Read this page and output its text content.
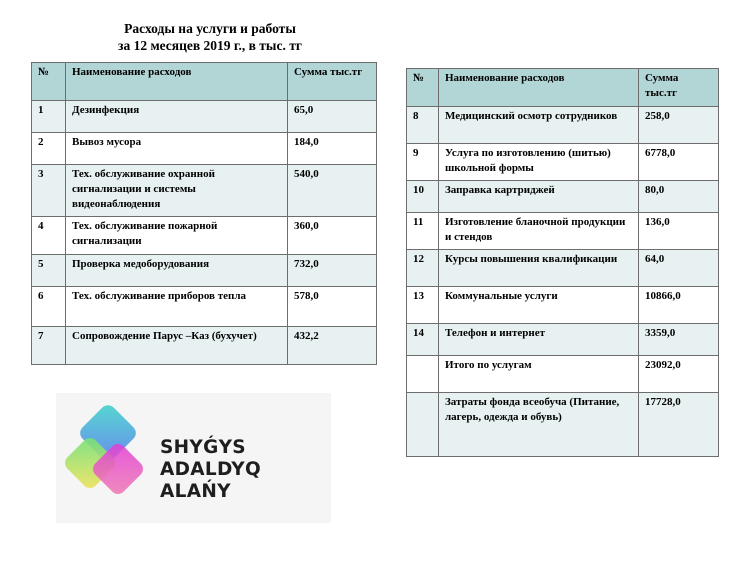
Расходы на услуги и работы
за 12 месяцев 2019 г., в тыс. тг
№	Наименование расходов	Сумма тыс.тг
1	Дезинфекция	65,0
2	Вывоз мусора	184,0
3	Тех. обслуживание охранной сигнализации и системы видеонаблюдения	540,0
4	Тех. обслуживание пожарной сигнализации	360,0
5	Проверка медоборудования	732,0
6	Тех. обслуживание приборов тепла	578,0
7	Сопровождение Парус –Каз (бухучет)	432,2
№	Наименование расходов	Сумма тыс.тг
8	Медицинский осмотр сотрудников	258,0
9	Услуга по изготовлению (шитью) школьной формы	6778,0
10	Заправка картриджей	80,0
11	Изготовление бланочной продукции и стендов	136,0
12	Курсы повышения квалификации	64,0
13	Коммунальные услуги	10866,0
14	Телефон и интернет	3359,0
	Итого по услугам	23092,0
	Затраты фонда всеобуча (Питание, лагерь, одежда и обувь)	17728,0
SHYǴYS
ADALDYQ ALAŃY
